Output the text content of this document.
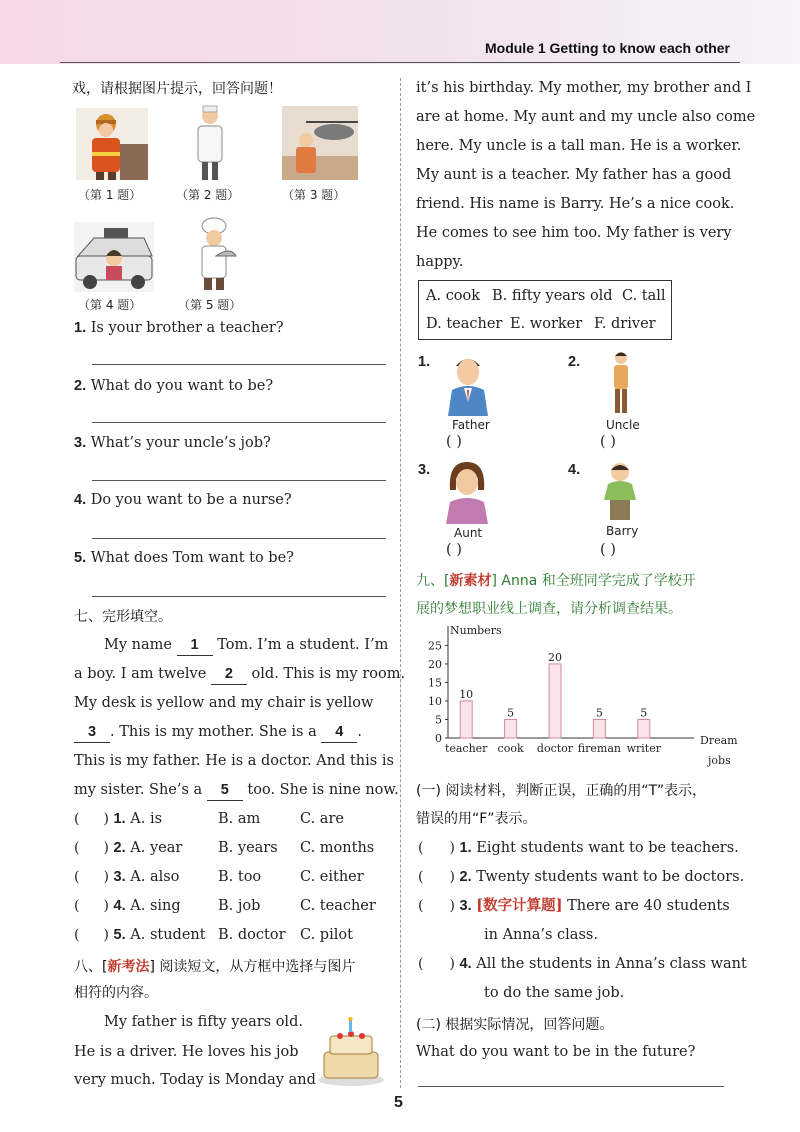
Module 1 Getting to know each other
戏，请根据图片提示，回答问题！
（第 1 题）	（第 2 题）	（第 3 题）
（第 4 题）	（第 5 题）
1. Is your brother a teacher?
2. What do you want to be?
3. What’s your uncle’s job?
4. Do you want to be a nurse?
5. What does Tom want to be?
七、完形填空。
My name 1 Tom. I’m a student. I’m
a boy. I am twelve 2 old. This is my room.
My desk is yellow and my chair is yellow
3 . This is my mother. She is a 4 .
This is my father. He is a doctor. And this is
my sister. She’s a 5 too. She is nine now.
( ) 1. A. is	B. am	C. are
( ) 2. A. year B. years C. months
( ) 3. A. also	B. too	C. either
( ) 4. A. sing	B. job	C. teacher
( ) 5. A. student B. doctor C. pilot
八、[新考法] 阅读短文，从方框中选择与图片
相符的内容。
My father is fifty years old.
He is a driver. He loves his job
very much. Today is Monday and
it’s his birthday. My mother, my brother and I
are at home. My aunt and my uncle also come
here. My uncle is a tall man. He is a worker.
My aunt is a teacher. My father has a good
friend. His name is Barry. He’s a nice cook.
He comes to see him too. My father is very
happy.
A. cook B. fifty years old C. tall
D. teacher E. worker F. driver
1.
Father
( )
2.
Uncle
( )
3.
Aunt
( )
4.
Barry
( )
九、[新素材] Anna 和全班同学完成了学校开
展的梦想职业线上调查，请分析调查结果。
Numbers
0
5
10
15
20
25
10
teacher
5
cook
20
doctor
5
fireman
5
writer
Dream
jobs
(一) 阅读材料，判断正误，正确的用“T”表示，
错误的用“F”表示。
( ) 1. Eight students want to be teachers.
( ) 2. Twenty students want to be doctors.
( ) 3. [数字计算题] There are 40 students
in Anna’s class.
( ) 4. All the students in Anna’s class want
to do the same job.
(二) 根据实际情况，回答问题。
What do you want to be in the future?
5
